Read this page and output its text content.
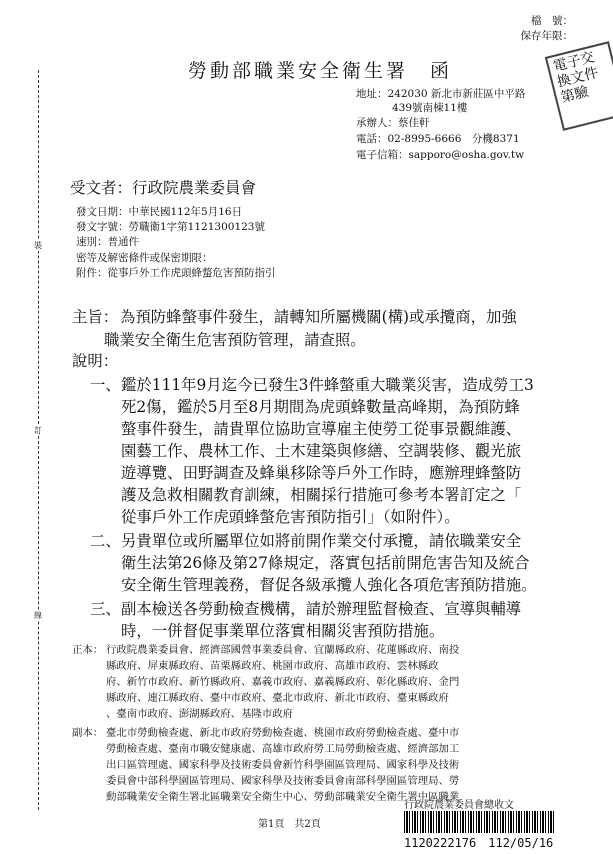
檔　號：
保存年限：
勞動部職業安全衛生署　函	電子交換文件第驗
地址：242030 新北市新莊區中平路
439號南棟11樓
承辦人：蔡佳軒
電話：02-8995-6666　分機8371
電子信箱：sapporo@osha.gov.tw
受文者：行政院農業委員會
發文日期：中華民國112年5月16日
發文字號：勞職衛1字第1121300123號
速別：普通件
密等及解密條件或保密期限：
附件：從事戶外工作虎頭蜂螫危害預防指引
裝
訂
線
主旨： 為預防蜂螫事件發生，請轉知所屬機關(構)或承攬商，加強
職業安全衛生危害預防管理，請查照。
說明：
一、 鑑於111年9月迄今已發生3件蜂螫重大職業災害，造成勞工3
死2傷，鑑於5月至8月期間為虎頭蜂數量高峰期，為預防蜂
螫事件發生，請貴單位協助宣導雇主使勞工從事景觀維護、
園藝工作、農林工作、土木建築與修繕、空調裝修、觀光旅
遊導覽、田野調查及蜂巢移除等戶外工作時，應辦理蜂螫防
護及急救相關教育訓練，相關採行措施可參考本署訂定之「
從事戶外工作虎頭蜂螫危害預防指引」（如附件）。
二、 另貴單位或所屬單位如將前開作業交付承攬，請依職業安全
衛生法第26條及第27條規定，落實包括前開危害告知及統合
安全衛生管理義務，督促各級承攬人強化各項危害預防措施。
三、 副本檢送各勞動檢查機構，請於辦理監督檢查、宣導與輔導
時，一併督促事業單位落實相關災害預防措施。
正本： 行政院農業委員會、經濟部國營事業委員會、宜蘭縣政府、花蓮縣政府、南投
縣政府、屏東縣政府、苗栗縣政府、桃園市政府、高雄市政府、雲林縣政
府、新竹市政府、新竹縣政府、嘉義市政府、嘉義縣政府、彰化縣政府、金門
縣政府、連江縣政府、臺中市政府、臺北市政府、新北市政府、臺東縣政府
、臺南市政府、澎湖縣政府、基隆市政府
副本： 臺北市勞動檢查處、新北市政府勞動檢查處、桃園市政府勞動檢查處、臺中市
勞動檢查處、臺南市職安健康處、高雄市政府勞工局勞動檢查處、經濟部加工
出口區管理處、國家科學及技術委員會新竹科學園區管理局、國家科學及技術
委員會中部科學園區管理局、國家科學及技術委員會南部科學園區管理局、勞
動部職業安全衛生署北區職業安全衛生中心、勞動部職業安全衛生署中區職業
行政院農業委員會總收文
第1頁　共2頁
1120222176　112/05/16
